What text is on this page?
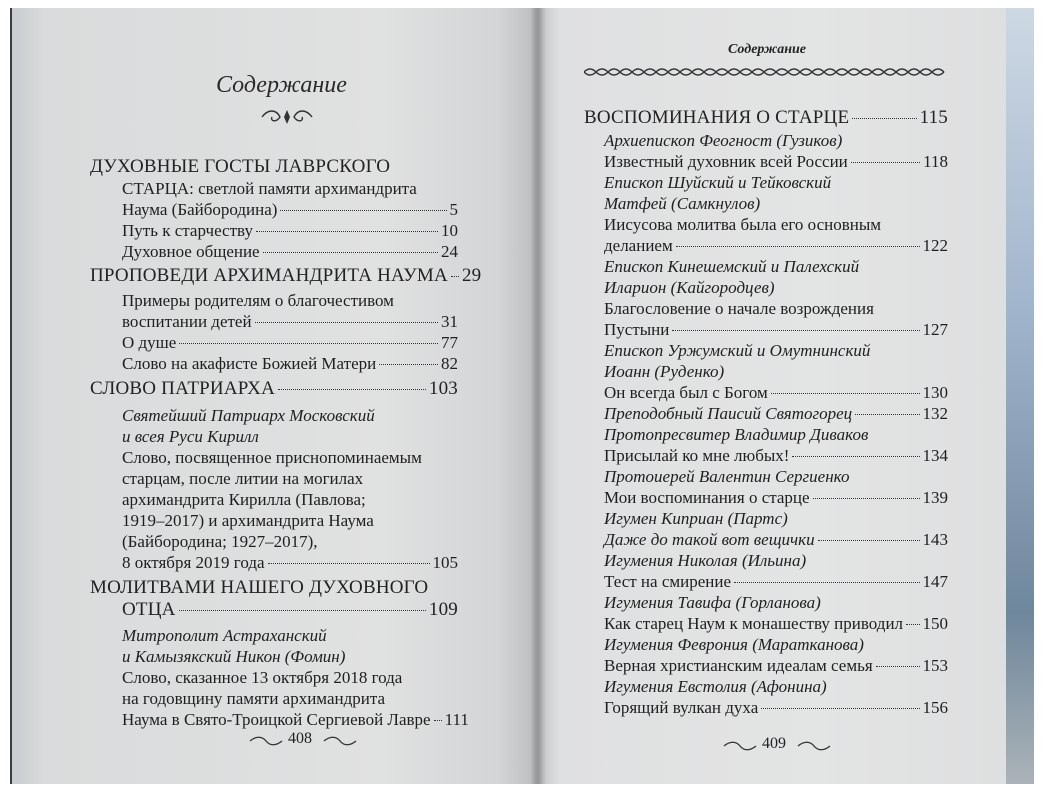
Содержание
ДУХОВНЫЕ ГОСТЫ ЛАВРСКОГО
СТАРЦА: светлой памяти архимандрита
Наума (Байбородина)	5
Путь к старчеству	10
Духовное общение	24
ПРОПОВЕДИ АРХИМАНДРИТА НАУМА 29
Примеры родителям о благочестивом
воспитании детей	31
О душе	77
Слово на акафисте Божией Матери	82
СЛОВО ПАТРИАРХА	103
Святейший Патриарх Московский
и всея Руси Кирилл
Слово, посвященное приснопоминаемым
старцам, после литии на могилах
архимандрита Кирилла (Павлова;
1919–2017) и архимандрита Наума
(Байбородина; 1927–2017),
8 октября 2019 года	105
МОЛИТВАМИ НАШЕГО ДУХОВНОГО
ОТЦА	109
Митрополит Астраханский
и Камызякский Никон (Фомин)
Слово, сказанное 13 октября 2018 года
на годовщину памяти архимандрита
Наума в Свято-Троицкой Сергиевой Лавре 111
408
Содержание
ВОСПОМИНАНИЯ О СТАРЦЕ	115
Архиепископ Феогност (Гузиков)
Известный духовник всей России	118
Епископ Шуйский и Тейковский
Матфей (Самкнулов)
Иисусова молитва была его основным
деланием	122
Епископ Кинешемский и Палехский
Иларион (Кайгородцев)
Благословение о начале возрождения
Пустыни	127
Епископ Уржумский и Омутнинский
Иоанн (Руденко)
Он всегда был с Богом	130
Преподобный Паисий Святогорец	132
Протопресвитер Владимир Диваков
Присылай ко мне любых!	134
Протоиерей Валентин Сергиенко
Мои воспоминания о старце	139
Игумен Киприан (Партс)
Даже до такой вот вещички	143
Игумения Николая (Ильина)
Тест на смирение	147
Игумения Тавифа (Горланова)
Как старец Наум к монашеству приводил 150
Игумения Феврония (Маратканова)
Верная христианским идеалам семья	153
Игумения Евстолия (Афонина)
Горящий вулкан духа	156
409
